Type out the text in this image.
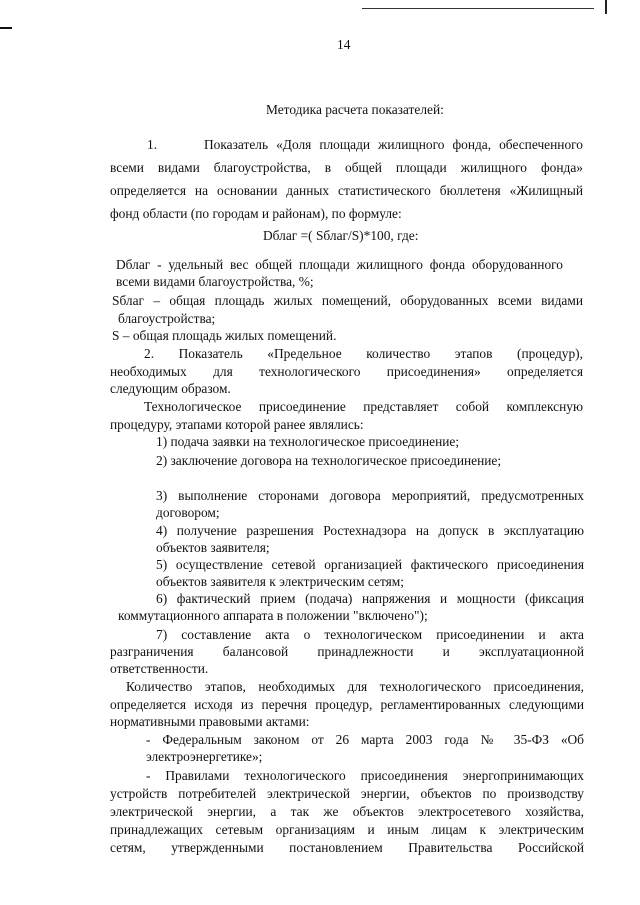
14

Методика расчета показателей:

1.	Показатель «Доля площади жилищного фонда, обеспеченного

всеми видами благоустройства, в общей площади жилищного фонда»

определяется на основании данных статистического бюллетеня «Жилищный

фонд области (по городам и районам), по формуле:

Dблаг =( Sблаг/S)*100, где:

Dблаг - удельный вес общей площади жилищного фонда оборудованного

всеми видами благоустройства, %;

Sблаг – общая площадь жилых помещений, оборудованных всеми видами

благоустройства;

S – общая площадь жилых помещений.

2. Показатель «Предельное количество этапов (процедур),

необходимых для технологического присоединения» определяется

следующим образом.

Технологическое присоединение представляет собой комплексную

процедуру, этапами которой ранее являлись:

1) подача заявки на технологическое присоединение;

2) заключение договора на технологическое присоединение;

3) выполнение сторонами договора мероприятий, предусмотренных

договором;

4) получение разрешения Ростехнадзора на допуск в эксплуатацию

объектов заявителя;

5) осуществление сетевой организацией фактического присоединения

объектов заявителя к электрическим сетям;

6) фактический прием (подача) напряжения и мощности (фиксация

коммутационного аппарата в положении "включено");

7) составление акта о технологическом присоединении и акта

разграничения балансовой принадлежности и эксплуатационной

ответственности.

Количество этапов, необходимых для технологического присоединения,

определяется исходя из перечня процедур, регламентированных следующими

нормативными правовыми актами:

- Федеральным законом от 26 марта 2003 года № 35-ФЗ «Об

электроэнергетике»;

- Правилами технологического присоединения энергопринимающих

устройств потребителей электрической энергии, объектов по производству

электрической энергии, а так же объектов электросетевого хозяйства,

принадлежащих сетевым организациям и иным лицам к электрическим

сетям, утвержденными постановлением Правительства Российской
